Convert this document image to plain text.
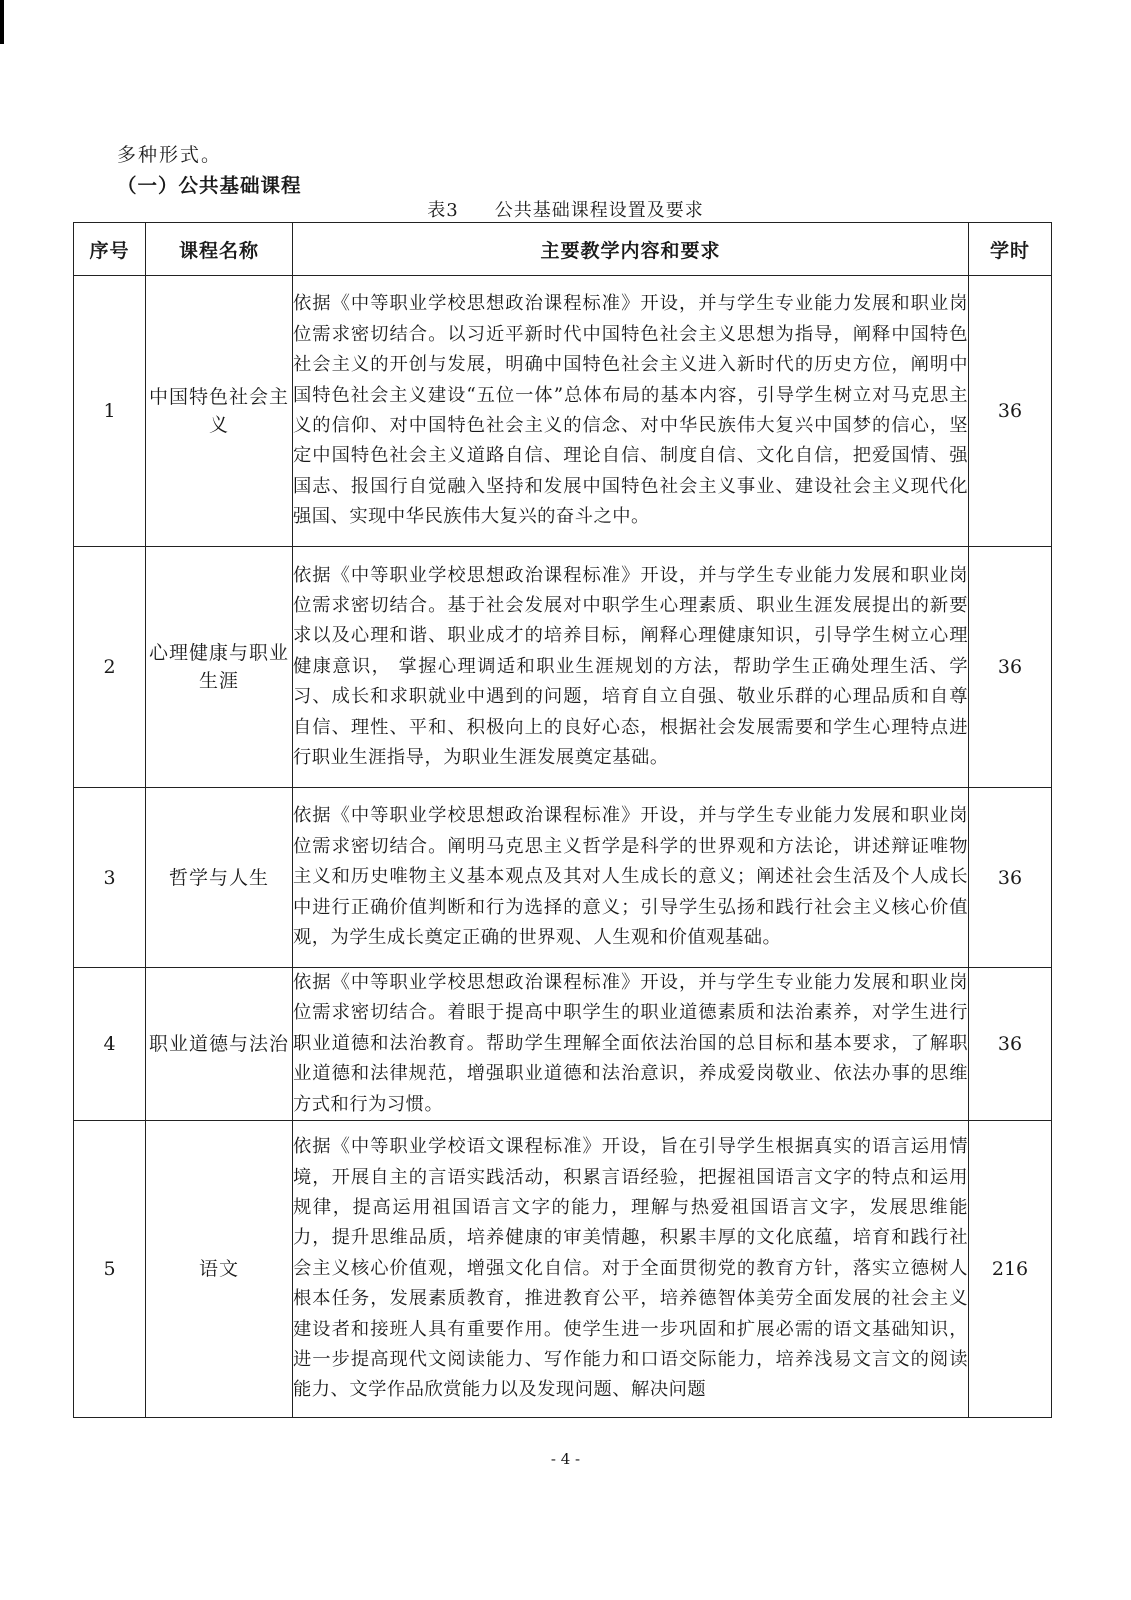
多种形式。
（一）公共基础课程
表3 公共基础课程设置及要求
序号	课程名称	主要教学内容和要求	学时
1	中国特色社会主义	依据《中等职业学校思想政治课程标准》开设，并与学生专业能力发展和职业岗位需求密切结合。以习近平新时代中国特色社会主义思想为指导，阐释中国特色社会主义的开创与发展，明确中国特色社会主义进入新时代的历史方位，阐明中国特色社会主义建设“五位一体”总体布局的基本内容，引导学生树立对马克思主义的信仰、对中国特色社会主义的信念、对中华民族伟大复兴中国梦的信心，坚定中国特色社会主义道路自信、理论自信、制度自信、文化自信，把爱国情、强国志、报国行自觉融入坚持和发展中国特色社会主义事业、建设社会主义现代化强国、实现中华民族伟大复兴的奋斗之中。	36
2	心理健康与职业生涯	依据《中等职业学校思想政治课程标准》开设，并与学生专业能力发展和职业岗位需求密切结合。基于社会发展对中职学生心理素质、职业生涯发展提出的新要求以及心理和谐、职业成才的培养目标，阐释心理健康知识，引导学生树立心理健康意识， 掌握心理调适和职业生涯规划的方法，帮助学生正确处理生活、学习、成长和求职就业中遇到的问题，培育自立自强、敬业乐群的心理品质和自尊自信、理性、平和、积极向上的良好心态，根据社会发展需要和学生心理特点进行职业生涯指导，为职业生涯发展奠定基础。	36
3	哲学与人生	依据《中等职业学校思想政治课程标准》开设，并与学生专业能力发展和职业岗位需求密切结合。阐明马克思主义哲学是科学的世界观和方法论，讲述辩证唯物主义和历史唯物主义基本观点及其对人生成长的意义；阐述社会生活及个人成长中进行正确价值判断和行为选择的意义；引导学生弘扬和践行社会主义核心价值观，为学生成长奠定正确的世界观、人生观和价值观基础。	36
4	职业道德与法治	依据《中等职业学校思想政治课程标准》开设，并与学生专业能力发展和职业岗位需求密切结合。着眼于提高中职学生的职业道德素质和法治素养，对学生进行职业道德和法治教育。帮助学生理解全面依法治国的总目标和基本要求，了解职业道德和法律规范，增强职业道德和法治意识，养成爱岗敬业、依法办事的思维方式和行为习惯。	36
5	语文	依据《中等职业学校语文课程标准》开设，旨在引导学生根据真实的语言运用情境，开展自主的言语实践活动，积累言语经验，把握祖国语言文字的特点和运用规律，提高运用祖国语言文字的能力，理解与热爱祖国语言文字，发展思维能力，提升思维品质，培养健康的审美情趣，积累丰厚的文化底蕴，培育和践行社会主义核心价值观，增强文化自信。对于全面贯彻党的教育方针，落实立德树人根本任务，发展素质教育，推进教育公平，培养德智体美劳全面发展的社会主义建设者和接班人具有重要作用。使学生进一步巩固和扩展必需的语文基础知识，进一步提高现代文阅读能力、写作能力和口语交际能力，培养浅易文言文的阅读能力、文学作品欣赏能力以及发现问题、解决问题	216
- 4 -
